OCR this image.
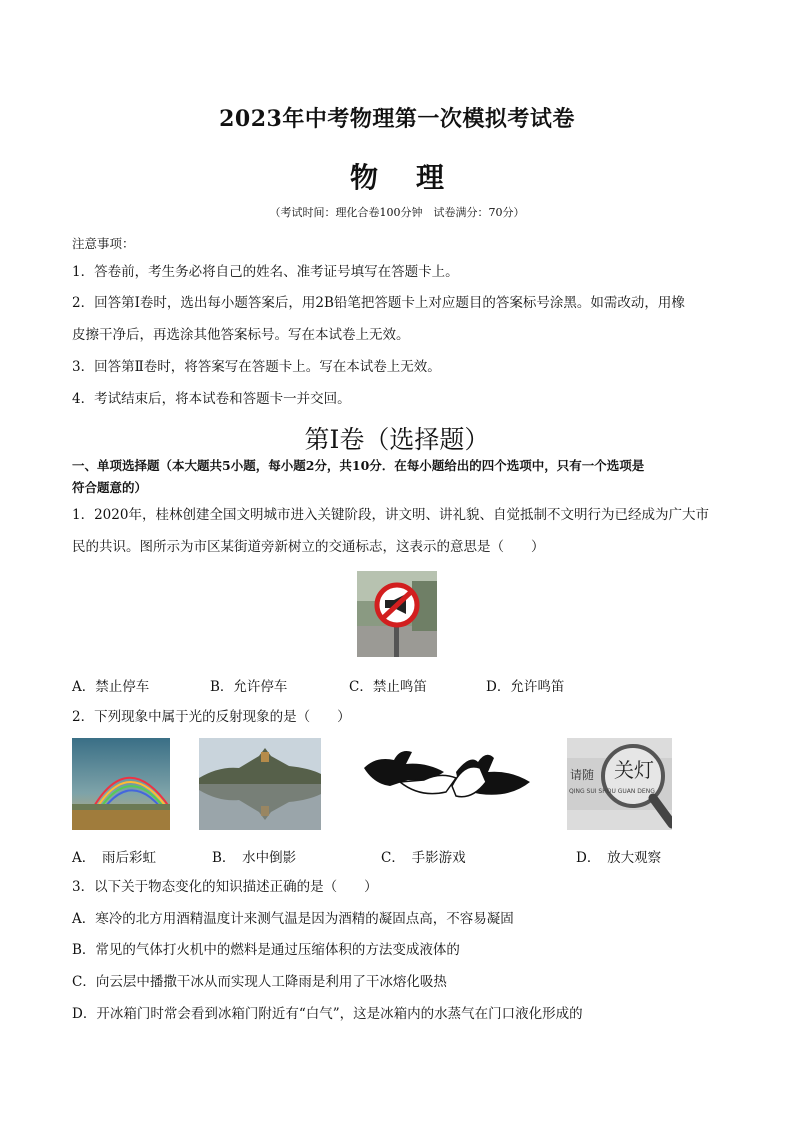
2023年中考物理第一次模拟考试卷
物理
（考试时间：理化合卷100分钟　试卷满分：70分）
注意事项：
1．答卷前，考生务必将自己的姓名、准考证号填写在答题卡上。
2．回答第Ⅰ卷时，选出每小题答案后，用2B铅笔把答题卡上对应题目的答案标号涂黑。如需改动，用橡
皮擦干净后，再选涂其他答案标号。写在本试卷上无效。
3．回答第Ⅱ卷时，将答案写在答题卡上。写在本试卷上无效。
4．考试结束后，将本试卷和答题卡一并交回。
第Ⅰ卷（选择题）
一、单项选择题（本大题共5小题，每小题2分，共10分．在每小题给出的四个选项中，只有一个选项是
符合题意的）
1．2020年，桂林创建全国文明城市进入关键阶段，讲文明、讲礼貌、自觉抵制不文明行为已经成为广大市
民的共识。图所示为市区某街道旁新树立的交通标志，这表示的意思是（　　）
A．禁止停车	B．允许停车	C．禁止鸣笛	D．允许鸣笛
2．下列现象中属于光的反射现象的是（　　）
请随 关灯
QING SUI SHOU GUAN DENG
A．　雨后彩虹	B．　水中倒影	C．　手影游戏	D．　放大观察
3．以下关于物态变化的知识描述正确的是（　　）
A．寒冷的北方用酒精温度计来测气温是因为酒精的凝固点高，不容易凝固
B．常见的气体打火机中的燃料是通过压缩体积的方法变成液体的
C．向云层中播撒干冰从而实现人工降雨是利用了干冰熔化吸热
D．开冰箱门时常会看到冰箱门附近有“白气”，这是冰箱内的水蒸气在门口液化形成的
